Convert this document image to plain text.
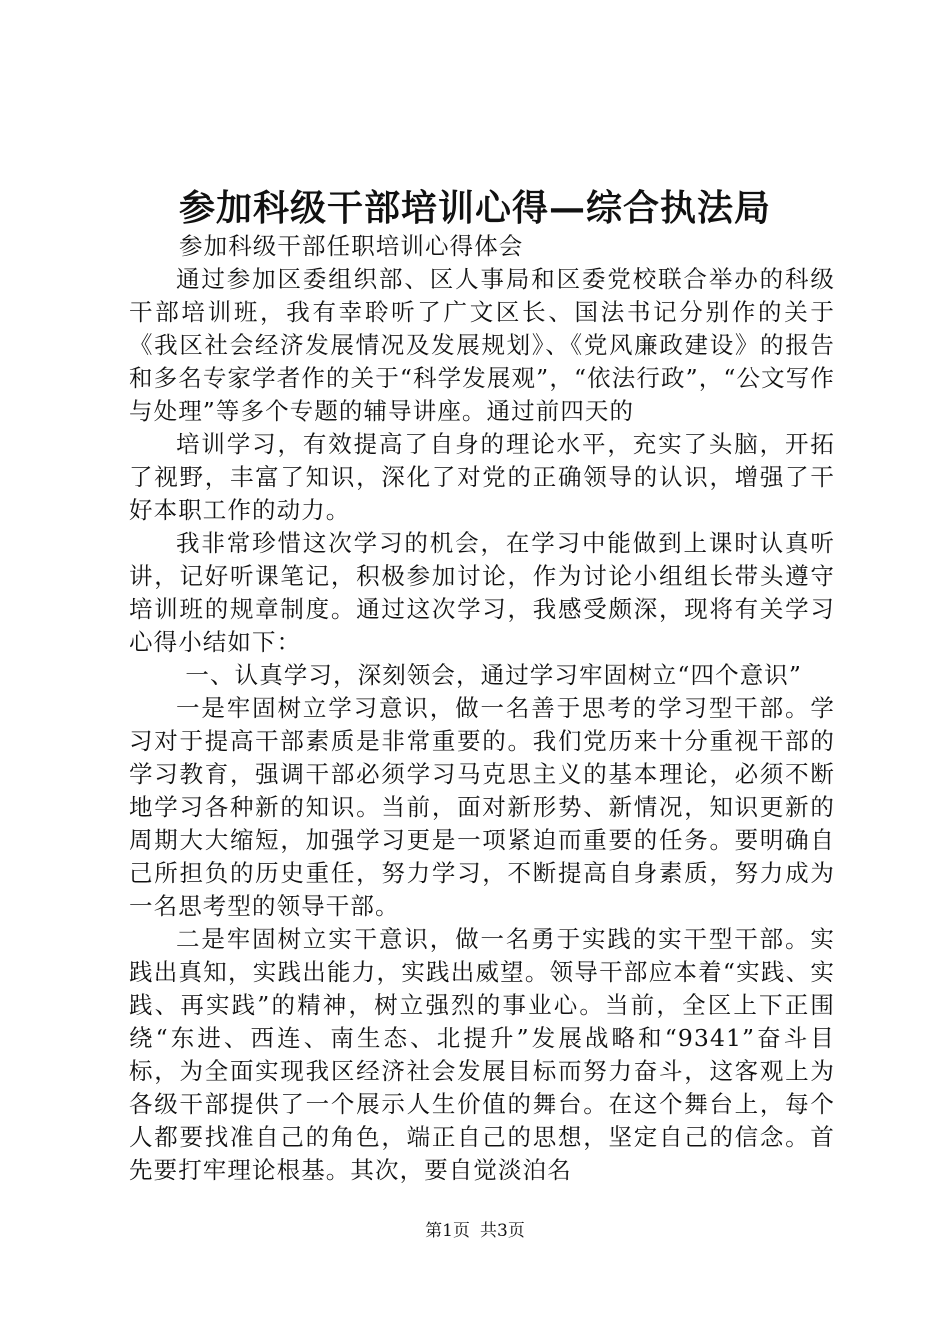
参加科级干部培训心得—综合执法局

参加科级干部任职培训心得体会

通过参加区委组织部、区人事局和区委党校联合举办的科级干部培训班，我有幸聆听了广文区长、国法书记分别作的关于《我区社会经济发展情况及发展规划》、《党风廉政建设》的报告和多名专家学者作的关于“科学发展观”，“依法行政”，“公文写作与处理”等多个专题的辅导讲座。通过前四天的

培训学习，有效提高了自身的理论水平，充实了头脑，开拓了视野，丰富了知识，深化了对党的正确领导的认识，增强了干好本职工作的动力。

我非常珍惜这次学习的机会，在学习中能做到上课时认真听讲，记好听课笔记，积极参加讨论，作为讨论小组组长带头遵守培训班的规章制度。通过这次学习，我感受颇深，现将有关学习心得小结如下：

一、认真学习，深刻领会，通过学习牢固树立“四个意识”

一是牢固树立学习意识，做一名善于思考的学习型干部。学习对于提高干部素质是非常重要的。我们党历来十分重视干部的学习教育，强调干部必须学习马克思主义的基本理论，必须不断地学习各种新的知识。当前，面对新形势、新情况，知识更新的周期大大缩短，加强学习更是一项紧迫而重要的任务。要明确自己所担负的历史重任，努力学习，不断提高自身素质，努力成为一名思考型的领导干部。

二是牢固树立实干意识，做一名勇于实践的实干型干部。实践出真知，实践出能力，实践出威望。领导干部应本着“实践、实践、再实践”的精神，树立强烈的事业心。当前，全区上下正围绕“东进、西连、南生态、北提升”发展战略和“9341”奋斗目标，为全面实现我区经济社会发展目标而努力奋斗，这客观上为各级干部提供了一个展示人生价值的舞台。在这个舞台上，每个人都要找准自己的角色，端正自己的思想，坚定自己的信念。首先要打牢理论根基。其次，要自觉淡泊名

第1页 共3页
